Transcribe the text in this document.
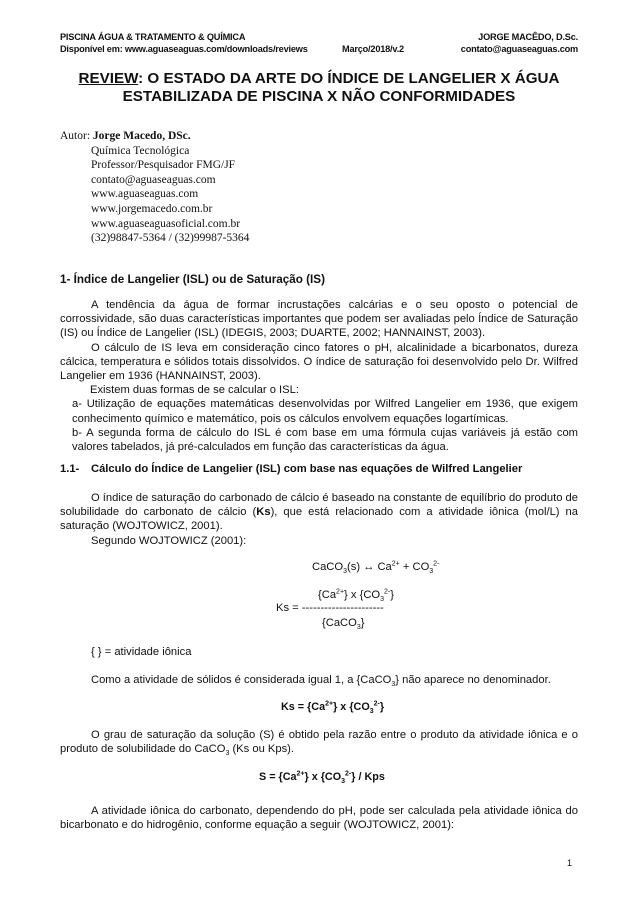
PISCINA ÁGUA & TRATAMENTO & QUÍMICA	JORGE MACÊDO, D.Sc.
Disponível em: www.aguaseaguas.com/downloads/reviews	Março/2018/v.2	contato@aguaseaguas.com
REVIEW: O ESTADO DA ARTE DO ÍNDICE DE LANGELIER X ÁGUA
ESTABILIZADA DE PISCINA X NÃO CONFORMIDADES
Autor: Jorge Macedo, DSc.
Química Tecnológica
Professor/Pesquisador FMG/JF
contato@aguaseaguas.com
www.aguaseaguas.com
www.jorgemacedo.com.br
www.aguaseaguasoficial.com.br
(32)98847-5364 / (32)99987-5364
1- Índice de Langelier (ISL) ou de Saturação (IS)

A tendência da água de formar incrustações calcárias e o seu oposto o potencial de corrossividade, são duas características importantes que podem ser avaliadas pelo Índice de Saturação (IS) ou Índice de Langelier (ISL) (IDEGIS, 2003; DUARTE, 2002; HANNAINST, 2003).

O cálculo de IS leva em consideração cinco fatores o pH, alcalinidade a bicarbonatos, dureza cálcica, temperatura e sólidos totais dissolvidos. O índice de saturação foi desenvolvido pelo Dr. Wilfred Langelier em 1936 (HANNAINST, 2003).

Existem duas formas de se calcular o ISL:

a- Utilização de equações matemáticas desenvolvidas por Wilfred Langelier em 1936, que exigem conhecimento químico e matemático, pois os cálculos envolvem equações logartímicas.

b- A segunda forma de cálculo do ISL é com base em uma fórmula cujas variáveis já estão com valores tabelados, já pré-calculados em função das características da água.

1.1- Cálculo do Índice de Langelier (ISL) com base nas equações de Wilfred Langelier

O índice de saturação do carbonado de cálcio é baseado na constante de equilíbrio do produto de solubilidade do carbonato de cálcio (Ks), que está relacionado com a atividade iônica (mol/L) na saturação (WOJTOWICZ, 2001).

Segundo WOJTOWICZ (2001):

CaCO$_3$(s) ↔ $Ca^{2+} + CO_3^{2-}$
$\{Ca^{2+}\}$ x $\{CO_3^{2-}\}$
Ks = ----------------------
{CaCO$_3$}

{ } = atividade iônica

Como a atividade de sólidos é considerada igual 1, a {CaCO$_3$} não aparece no denominador.

$Ks = \{Ca^{2+}\}$ x $\{CO_3^{2-}\}$

O grau de saturação da solução (S) é obtido pela razão entre o produto da atividade iônica e o produto de solubilidade do CaCO$_3$ (Ks ou Kps).

$S = \{Ca^{2+}\}$ x $\{CO_3^{2-}\}$ / Kps

A atividade iônica do carbonato, dependendo do pH, pode ser calculada pela atividade iônica do bicarbonato e do hidrogênio, conforme equação a seguir (WOJTOWICZ, 2001):

1
